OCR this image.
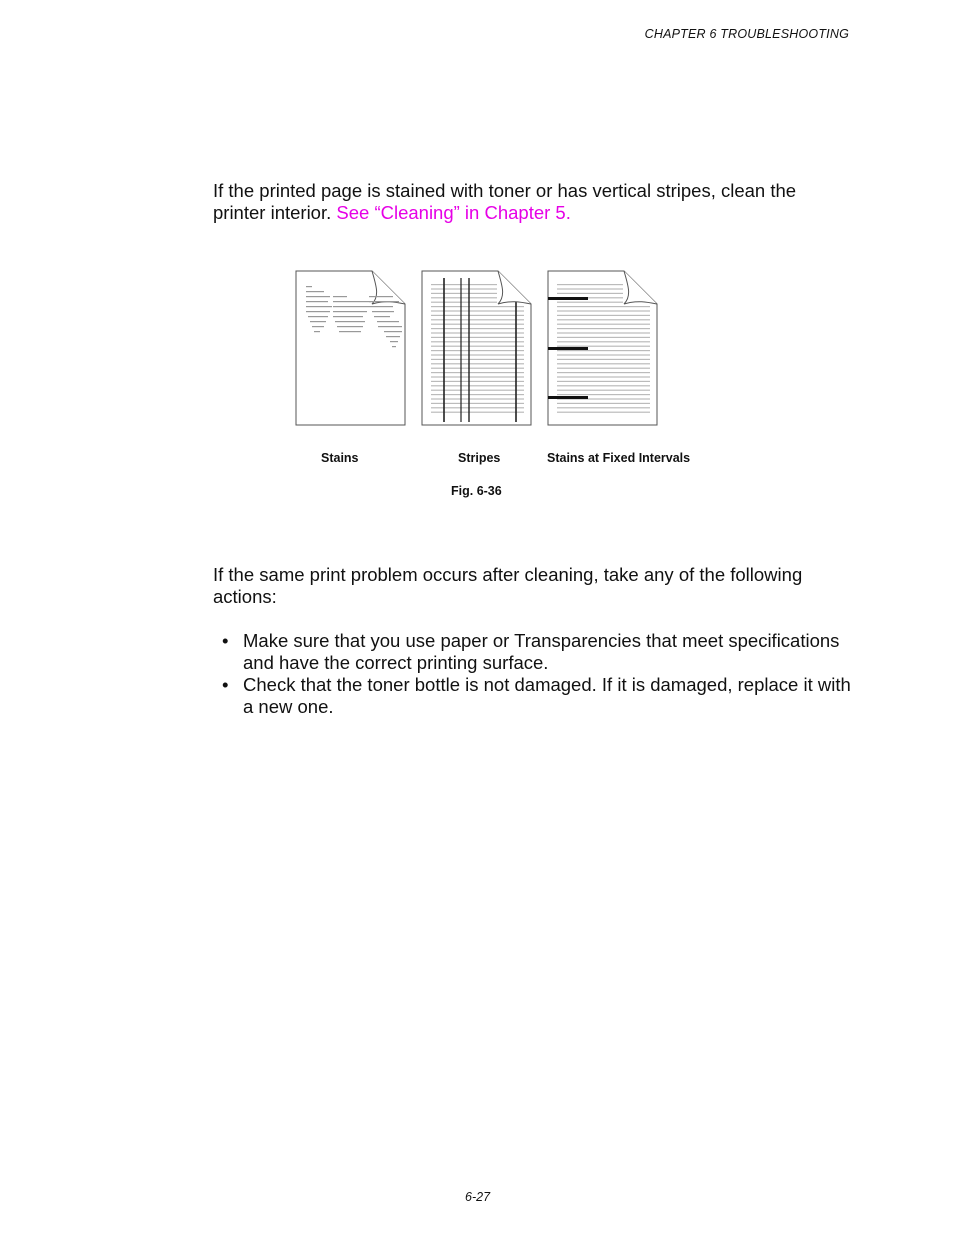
CHAPTER 6 TROUBLESHOOTING

If the printed page is stained with toner or has vertical stripes, clean the printer interior. See “Cleaning” in Chapter 5.

Stains	Stripes	Stains at Fixed Intervals
Fig. 6-36

If the same print problem occurs after cleaning, take any of the following actions:

• Make sure that you use paper or Transparencies that meet specifications and have the correct printing surface.
• Check that the toner bottle is not damaged. If it is damaged, replace it with a new one.
6-27
